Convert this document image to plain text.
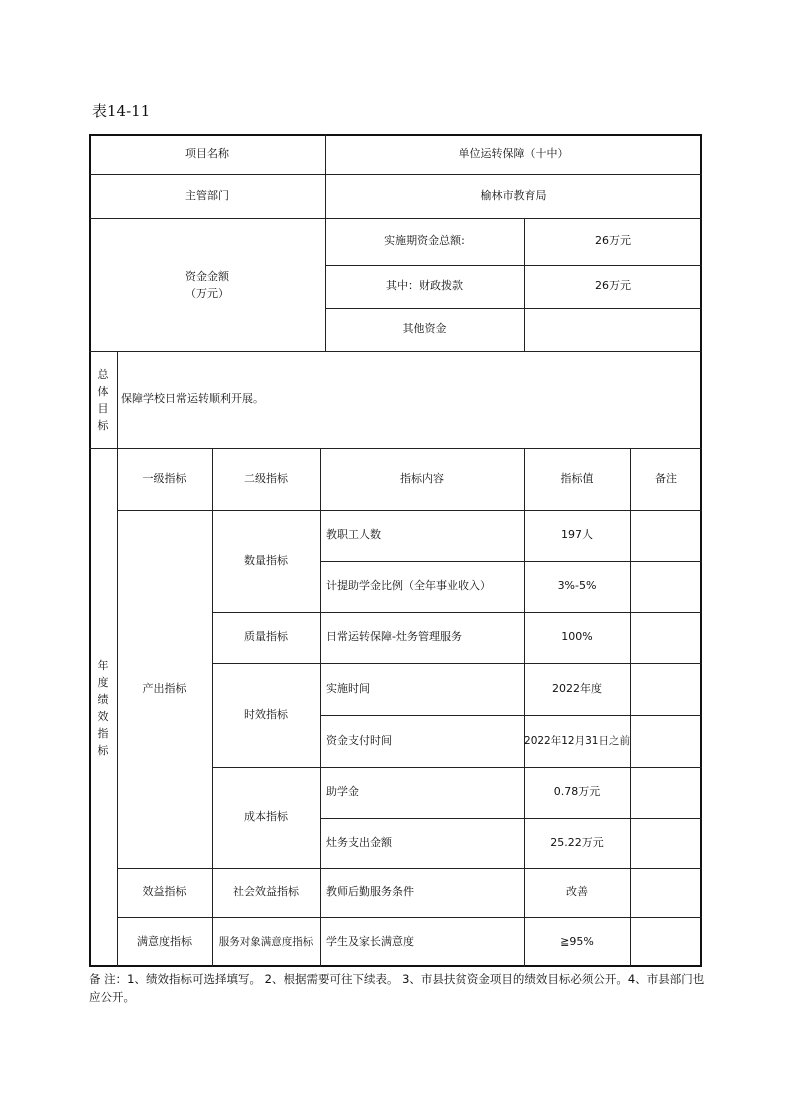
表14-11
项目名称	单位运转保障（十中）
主管部门	榆林市教育局
资金金额
（万元）
实施期资金总额:	26万元
其中：财政拨款	26万元
其他资金
总
体
目
标
保障学校日常运转顺利开展。
年
度
绩
效
指
标
一级指标	二级指标	指标内容	指标值	备注
产出指标
数量指标
教职工人数	197人
计提助学金比例（全年事业收入）	3%-5%
质量指标	日常运转保障-灶务管理服务	100%
时效指标
实施时间	2022年度
资金支付时间	2022年12月31日之前
成本指标
助学金	0.78万元
灶务支出金额	25.22万元
效益指标	社会效益指标	教师后勤服务条件	改善
满意度指标	服务对象满意度指标	学生及家长满意度	≧95%
备 注：1、绩效指标可选择填写。 2、根据需要可往下续表。 3、市县扶贫资金项目的绩效目标必须公开。4、市县部门也应公开。
